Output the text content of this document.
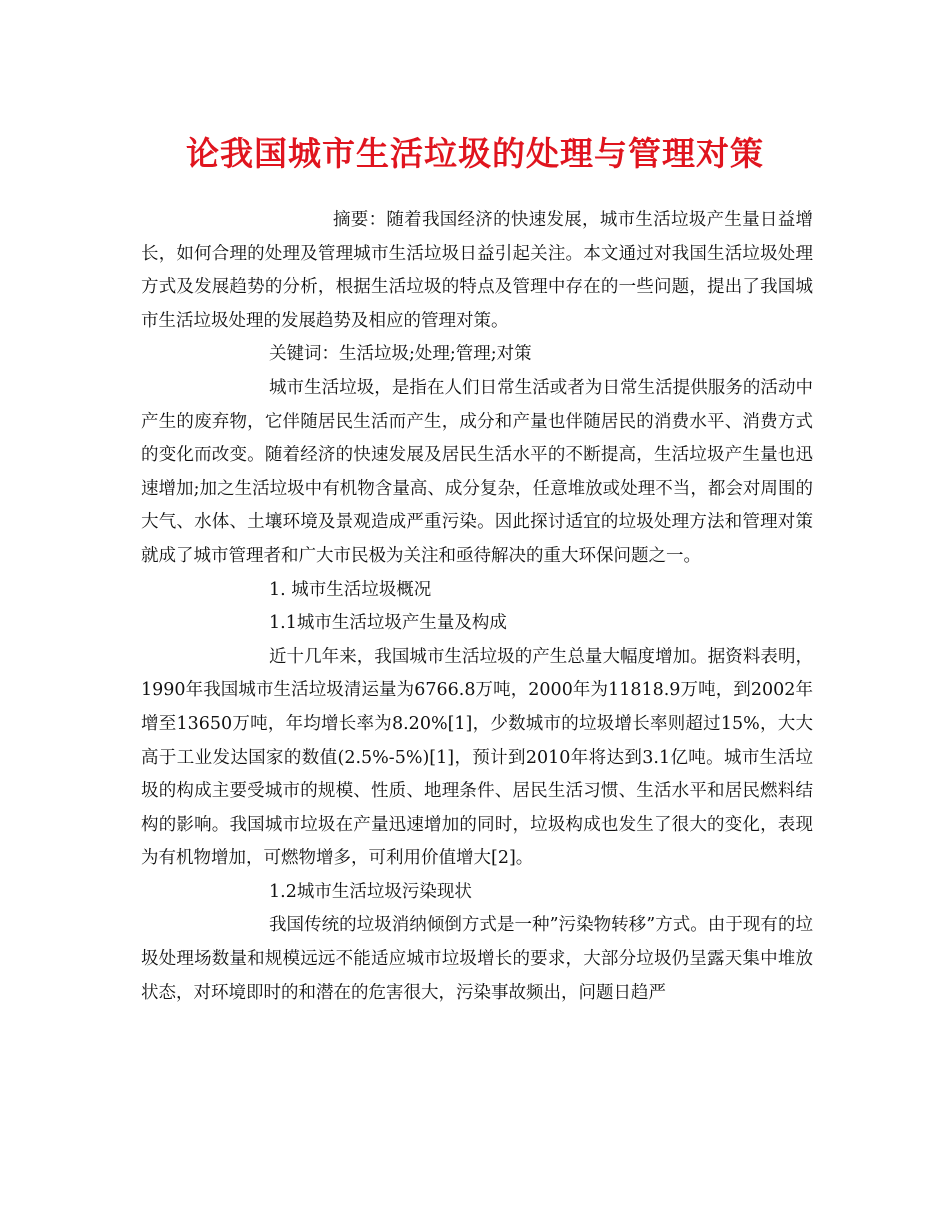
论我国城市生活垃圾的处理与管理对策

摘要：随着我国经济的快速发展，城市生活垃圾产生量日益增长，如何合理的处理及管理城市生活垃圾日益引起关注。本文通过对我国生活垃圾处理方式及发展趋势的分析，根据生活垃圾的特点及管理中存在的一些问题，提出了我国城市生活垃圾处理的发展趋势及相应的管理对策。

关键词：生活垃圾;处理;管理;对策

城市生活垃圾，是指在人们日常生活或者为日常生活提供服务的活动中产生的废弃物，它伴随居民生活而产生，成分和产量也伴随居民的消费水平、消费方式的变化而改变。随着经济的快速发展及居民生活水平的不断提高，生活垃圾产生量也迅速增加;加之生活垃圾中有机物含量高、成分复杂，任意堆放或处理不当，都会对周围的大气、水体、土壤环境及景观造成严重污染。因此探讨适宜的垃圾处理方法和管理对策就成了城市管理者和广大市民极为关注和亟待解决的重大环保问题之一。

1. 城市生活垃圾概况

1.1城市生活垃圾产生量及构成

近十几年来，我国城市生活垃圾的产生总量大幅度增加。据资料表明，1990年我国城市生活垃圾清运量为6766.8万吨，2000年为11818.9万吨，到2002年增至13650万吨，年均增长率为8.20%[1]，少数城市的垃圾增长率则超过15%，大大高于工业发达国家的数值(2.5%-5%)[1]，预计到2010年将达到3.1亿吨。城市生活垃圾的构成主要受城市的规模、性质、地理条件、居民生活习惯、生活水平和居民燃料结构的影响。我国城市垃圾在产量迅速增加的同时，垃圾构成也发生了很大的变化，表现为有机物增加，可燃物增多，可利用价值增大[2]。

1.2城市生活垃圾污染现状

我国传统的垃圾消纳倾倒方式是一种”污染物转移”方式。由于现有的垃圾处理场数量和规模远远不能适应城市垃圾增长的要求，大部分垃圾仍呈露天集中堆放状态，对环境即时的和潜在的危害很大，污染事故频出，问题日趋严
